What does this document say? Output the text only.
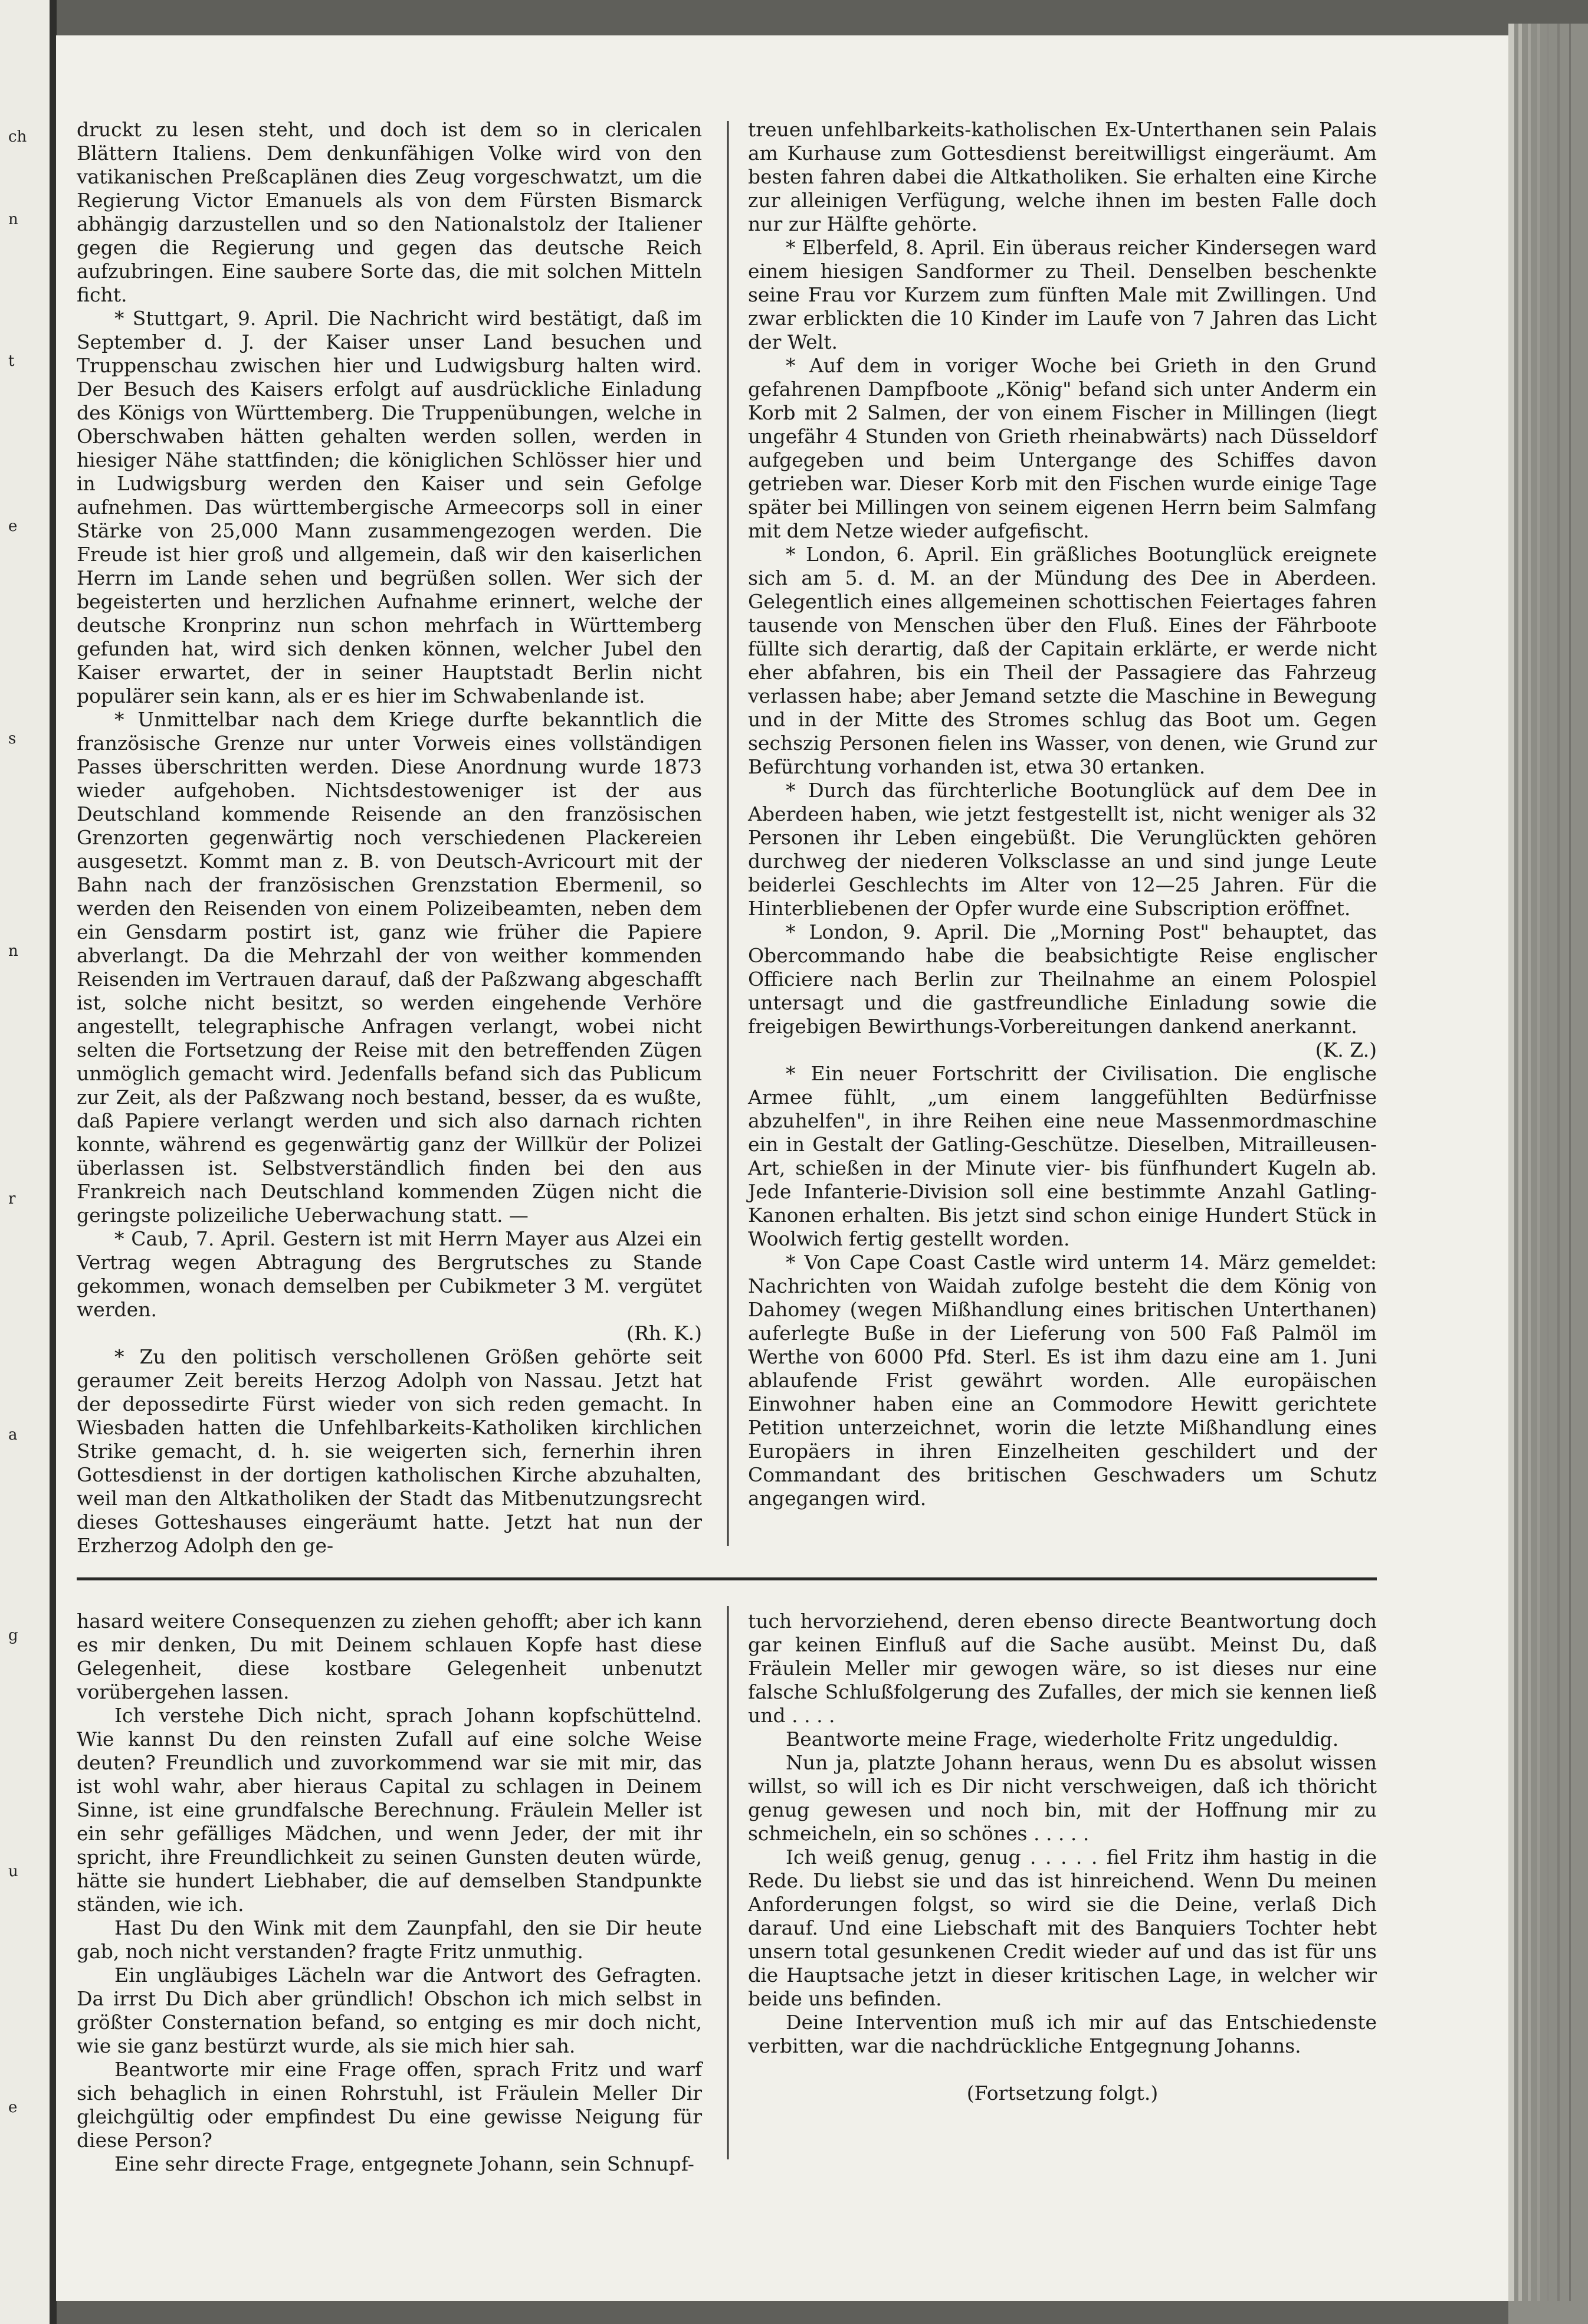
ch
n
t
e
s
n
r
a
g
u
e

druckt zu lesen steht, und doch ist dem so in clericalen Blättern Italiens. Dem denkunfähigen Volke wird von den vatikanischen Preßcaplänen dies Zeug vorgeschwatzt, um die Regierung Victor Emanuels als von dem Fürsten Bismarck abhängig darzustellen und so den Nationalstolz der Italiener gegen die Regierung und gegen das deutsche Reich aufzubringen. Eine saubere Sorte das, die mit solchen Mitteln ficht.

* Stuttgart, 9. April. Die Nachricht wird bestätigt, daß im September d. J. der Kaiser unser Land besuchen und Truppenschau zwischen hier und Ludwigsburg halten wird. Der Besuch des Kaisers erfolgt auf ausdrückliche Einladung des Königs von Württemberg. Die Truppenübungen, welche in Oberschwaben hätten gehalten werden sollen, werden in hiesiger Nähe stattfinden; die königlichen Schlösser hier und in Ludwigsburg werden den Kaiser und sein Gefolge aufnehmen. Das württembergische Armeecorps soll in einer Stärke von 25,000 Mann zusammengezogen werden. Die Freude ist hier groß und allgemein, daß wir den kaiserlichen Herrn im Lande sehen und begrüßen sollen. Wer sich der begeisterten und herzlichen Aufnahme erinnert, welche der deutsche Kronprinz nun schon mehrfach in Württemberg gefunden hat, wird sich denken können, welcher Jubel den Kaiser erwartet, der in seiner Hauptstadt Berlin nicht populärer sein kann, als er es hier im Schwabenlande ist.

* Unmittelbar nach dem Kriege durfte bekanntlich die französische Grenze nur unter Vorweis eines vollständigen Passes überschritten werden. Diese Anordnung wurde 1873 wieder aufgehoben. Nichtsdestoweniger ist der aus Deutschland kommende Reisende an den französischen Grenzorten gegenwärtig noch verschiedenen Plackereien ausgesetzt. Kommt man z. B. von Deutsch-Avricourt mit der Bahn nach der französischen Grenzstation Ebermenil, so werden den Reisenden von einem Polizeibeamten, neben dem ein Gensdarm postirt ist, ganz wie früher die Papiere abverlangt. Da die Mehrzahl der von weither kommenden Reisenden im Vertrauen darauf, daß der Paßzwang abgeschafft ist, solche nicht besitzt, so werden eingehende Verhöre angestellt, telegraphische Anfragen verlangt, wobei nicht selten die Fortsetzung der Reise mit den betreffenden Zügen unmöglich gemacht wird. Jedenfalls befand sich das Publicum zur Zeit, als der Paßzwang noch bestand, besser, da es wußte, daß Papiere verlangt werden und sich also darnach richten konnte, während es gegenwärtig ganz der Willkür der Polizei überlassen ist. Selbstverständlich finden bei den aus Frankreich nach Deutschland kommenden Zügen nicht die geringste polizeiliche Ueberwachung statt. —

* Caub, 7. April. Gestern ist mit Herrn Mayer aus Alzei ein Vertrag wegen Abtragung des Bergrutsches zu Stande gekommen, wonach demselben per Cubikmeter 3 M. vergütet werden.

(Rh. K.)

* Zu den politisch verschollenen Größen gehörte seit geraumer Zeit bereits Herzog Adolph von Nassau. Jetzt hat der depossedirte Fürst wieder von sich reden gemacht. In Wiesbaden hatten die Unfehlbarkeits-Katholiken kirchlichen Strike gemacht, d. h. sie weigerten sich, fernerhin ihren Gottesdienst in der dortigen katholischen Kirche abzuhalten, weil man den Altkatholiken der Stadt das Mitbenutzungsrecht dieses Gotteshauses eingeräumt hatte. Jetzt hat nun der Erzherzog Adolph den ge-

treuen unfehlbarkeits-katholischen Ex-Unterthanen sein Palais am Kurhause zum Gottesdienst bereitwilligst eingeräumt. Am besten fahren dabei die Altkatholiken. Sie erhalten eine Kirche zur alleinigen Verfügung, welche ihnen im besten Falle doch nur zur Hälfte gehörte.

* Elberfeld, 8. April. Ein überaus reicher Kindersegen ward einem hiesigen Sandformer zu Theil. Denselben beschenkte seine Frau vor Kurzem zum fünften Male mit Zwillingen. Und zwar erblickten die 10 Kinder im Laufe von 7 Jahren das Licht der Welt.

* Auf dem in voriger Woche bei Grieth in den Grund gefahrenen Dampfboote „König" befand sich unter Anderm ein Korb mit 2 Salmen, der von einem Fischer in Millingen (liegt ungefähr 4 Stunden von Grieth rheinabwärts) nach Düsseldorf aufgegeben und beim Untergange des Schiffes davon getrieben war. Dieser Korb mit den Fischen wurde einige Tage später bei Millingen von seinem eigenen Herrn beim Salmfang mit dem Netze wieder aufgefischt.

* London, 6. April. Ein gräßliches Bootunglück ereignete sich am 5. d. M. an der Mündung des Dee in Aberdeen. Gelegentlich eines allgemeinen schottischen Feiertages fahren tausende von Menschen über den Fluß. Eines der Fährboote füllte sich derartig, daß der Capitain erklärte, er werde nicht eher abfahren, bis ein Theil der Passagiere das Fahrzeug verlassen habe; aber Jemand setzte die Maschine in Bewegung und in der Mitte des Stromes schlug das Boot um. Gegen sechszig Personen fielen ins Wasser, von denen, wie Grund zur Befürchtung vorhanden ist, etwa 30 ertanken.

* Durch das fürchterliche Bootunglück auf dem Dee in Aberdeen haben, wie jetzt festgestellt ist, nicht weniger als 32 Personen ihr Leben eingebüßt. Die Verunglückten gehören durchweg der niederen Volksclasse an und sind junge Leute beiderlei Geschlechts im Alter von 12—25 Jahren. Für die Hinterbliebenen der Opfer wurde eine Subscription eröffnet.

* London, 9. April. Die „Morning Post" behauptet, das Obercommando habe die beabsichtigte Reise englischer Officiere nach Berlin zur Theilnahme an einem Polospiel untersagt und die gastfreundliche Einladung sowie die freigebigen Bewirthungs-Vorbereitungen dankend anerkannt.

(K. Z.)

* Ein neuer Fortschritt der Civilisation. Die englische Armee fühlt, „um einem langgefühlten Bedürfnisse abzuhelfen", in ihre Reihen eine neue Massenmordmaschine ein in Gestalt der Gatling-Geschütze. Dieselben, Mitrailleusen-Art, schießen in der Minute vier- bis fünfhundert Kugeln ab. Jede Infanterie-Division soll eine bestimmte Anzahl Gatling-Kanonen erhalten. Bis jetzt sind schon einige Hundert Stück in Woolwich fertig gestellt worden.

* Von Cape Coast Castle wird unterm 14. März gemeldet: Nachrichten von Waidah zufolge besteht die dem König von Dahomey (wegen Mißhandlung eines britischen Unterthanen) auferlegte Buße in der Lieferung von 500 Faß Palmöl im Werthe von 6000 Pfd. Sterl. Es ist ihm dazu eine am 1. Juni ablaufende Frist gewährt worden. Alle europäischen Einwohner haben eine an Commodore Hewitt gerichtete Petition unterzeichnet, worin die letzte Mißhandlung eines Europäers in ihren Einzelheiten geschildert und der Commandant des britischen Geschwaders um Schutz angegangen wird.

hasard weitere Consequenzen zu ziehen gehofft; aber ich kann es mir denken, Du mit Deinem schlauen Kopfe hast diese Gelegenheit, diese kostbare Gelegenheit unbenutzt vorübergehen lassen.

Ich verstehe Dich nicht, sprach Johann kopfschüttelnd. Wie kannst Du den reinsten Zufall auf eine solche Weise deuten? Freundlich und zuvorkommend war sie mit mir, das ist wohl wahr, aber hieraus Capital zu schlagen in Deinem Sinne, ist eine grundfalsche Berechnung. Fräulein Meller ist ein sehr gefälliges Mädchen, und wenn Jeder, der mit ihr spricht, ihre Freundlichkeit zu seinen Gunsten deuten würde, hätte sie hundert Liebhaber, die auf demselben Standpunkte ständen, wie ich.

Hast Du den Wink mit dem Zaunpfahl, den sie Dir heute gab, noch nicht verstanden? fragte Fritz unmuthig.

Ein ungläubiges Lächeln war die Antwort des Gefragten. Da irrst Du Dich aber gründlich! Obschon ich mich selbst in größter Consternation befand, so entging es mir doch nicht, wie sie ganz bestürzt wurde, als sie mich hier sah.

Beantworte mir eine Frage offen, sprach Fritz und warf sich behaglich in einen Rohrstuhl, ist Fräulein Meller Dir gleichgültig oder empfindest Du eine gewisse Neigung für diese Person?

Eine sehr directe Frage, entgegnete Johann, sein Schnupf-

tuch hervorziehend, deren ebenso directe Beantwortung doch gar keinen Einfluß auf die Sache ausübt. Meinst Du, daß Fräulein Meller mir gewogen wäre, so ist dieses nur eine falsche Schlußfolgerung des Zufalles, der mich sie kennen ließ und . . . .

Beantworte meine Frage, wiederholte Fritz ungeduldig.

Nun ja, platzte Johann heraus, wenn Du es absolut wissen willst, so will ich es Dir nicht verschweigen, daß ich thöricht genug gewesen und noch bin, mit der Hoffnung mir zu schmeicheln, ein so schönes . . . . .

Ich weiß genug, genug . . . . . fiel Fritz ihm hastig in die Rede. Du liebst sie und das ist hinreichend. Wenn Du meinen Anforderungen folgst, so wird sie die Deine, verlaß Dich darauf. Und eine Liebschaft mit des Banquiers Tochter hebt unsern total gesunkenen Credit wieder auf und das ist für uns die Hauptsache jetzt in dieser kritischen Lage, in welcher wir beide uns befinden.

Deine Intervention muß ich mir auf das Entschiedenste verbitten, war die nachdrückliche Entgegnung Johanns.

(Fortsetzung folgt.)
